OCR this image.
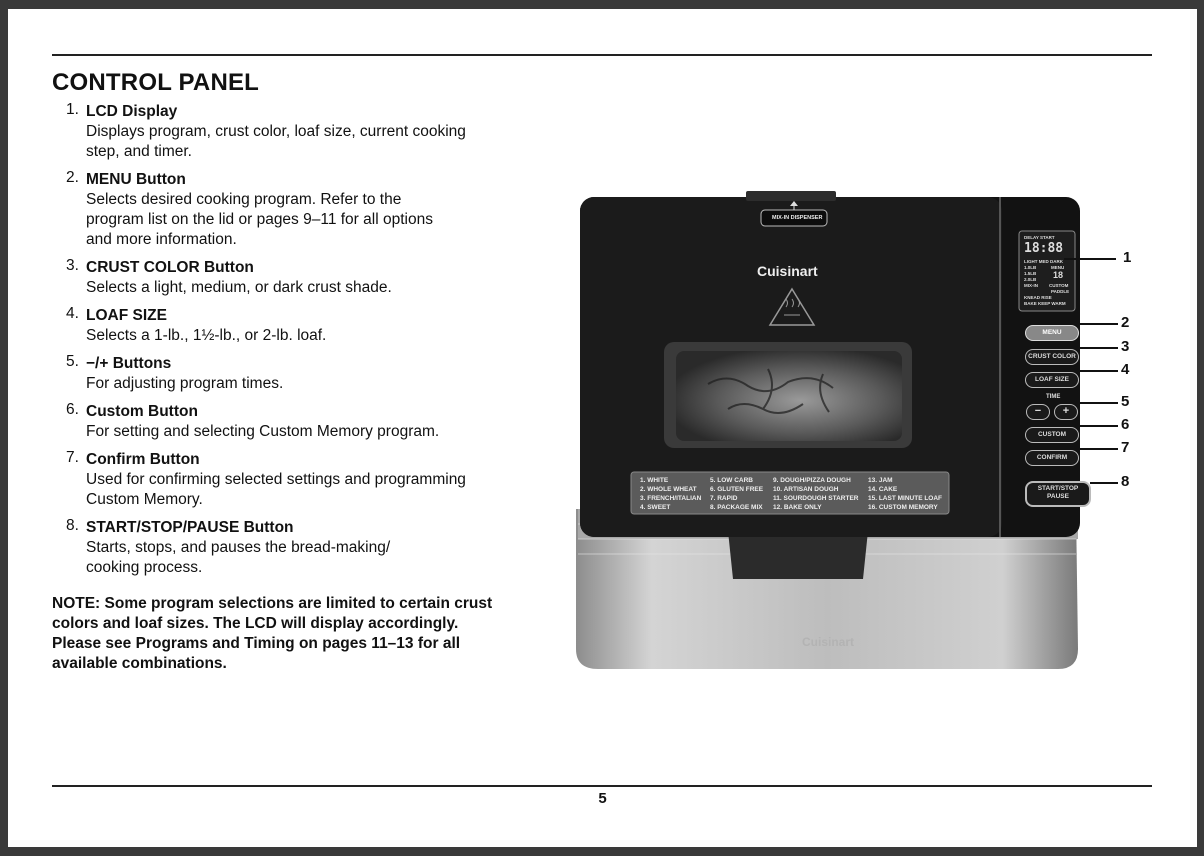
CONTROL PANEL
1. LCD Display
Displays program, crust color, loaf size, current cooking
step, and timer.
2. MENU Button
Selects desired cooking program. Refer to the
program list on the lid or pages 9–11 for all options
and more information.
3. CRUST COLOR Button
Selects a light, medium, or dark crust shade.
4. LOAF SIZE
Selects a 1-lb., 1½-lb., or 2-lb. loaf.
5. −/+ Buttons
For adjusting program times.
6. Custom Button
For setting and selecting Custom Memory program.
7. Confirm Button
Used for confirming selected settings and programming
Custom Memory.
8. START/STOP/PAUSE Button
Starts, stops, and pauses the bread-making/
cooking process.
NOTE: Some program selections are limited to certain crust colors and loaf sizes. The LCD will display accordingly. Please see Programs and Timing on pages 11–13 for all available combinations.
Cuisinart
Cuisinart
MIX-IN DISPENSER
1. WHITE
2. WHOLE WHEAT
3. FRENCH/ITALIAN
4. SWEET
5. LOW CARB
6. GLUTEN FREE
7. RAPID
8. PACKAGE MIX
9. DOUGH/PIZZA DOUGH
10. ARTISAN DOUGH
11. SOURDOUGH STARTER
12. BAKE ONLY
13. JAM
14. CAKE
15. LAST MINUTE LOAF
16. CUSTOM MEMORY
DELAY START
18:88
LIGHT MED DARK
1.0LB
1.5LB
2.0LB
MENU
18
MIX-IN CUSTOM
PADDLE
KNEAD RISE
BAKE KEEP WARM
MENU
CRUST COLOR
LOAF SIZE
TIME
−	+
CUSTOM
CONFIRM
START/STOP
PAUSE
1
2
3
4
5
6
7
8
5
